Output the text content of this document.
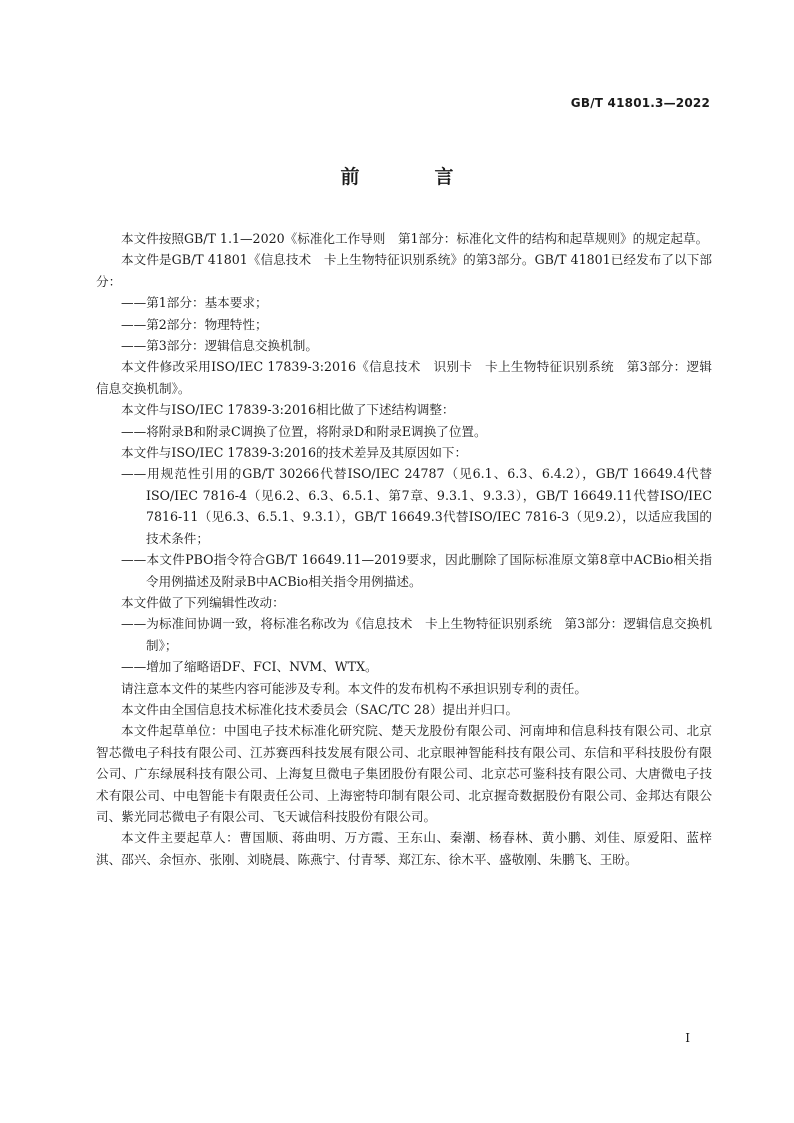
GB/T 41801.3—2022
前　言

本文件按照GB/T 1.1—2020《标准化工作导则　第1部分：标准化文件的结构和起草规则》的规定起草。

本文件是GB/T 41801《信息技术　卡上生物特征识别系统》的第3部分。GB/T 41801已经发布了以下部分：

——第1部分：基本要求；

——第2部分：物理特性；

——第3部分：逻辑信息交换机制。

本文件修改采用ISO/IEC 17839-3:2016《信息技术　识别卡　卡上生物特征识别系统　第3部分：逻辑信息交换机制》。

本文件与ISO/IEC 17839-3:2016相比做了下述结构调整：

——将附录B和附录C调换了位置，将附录D和附录E调换了位置。

本文件与ISO/IEC 17839-3:2016的技术差异及其原因如下：

——用规范性引用的GB/T 30266代替ISO/IEC 24787（见6.1、6.3、6.4.2），GB/T 16649.4代替ISO/IEC 7816-4（见6.2、6.3、6.5.1、第7章、9.3.1、9.3.3），GB/T 16649.11代替ISO/IEC 7816-11（见6.3、6.5.1、9.3.1），GB/T 16649.3代替ISO/IEC 7816-3（见9.2），以适应我国的技术条件；

——本文件PBO指令符合GB/T 16649.11—2019要求，因此删除了国际标准原文第8章中ACBio相关指令用例描述及附录B中ACBio相关指令用例描述。

本文件做了下列编辑性改动：

——为标准间协调一致，将标准名称改为《信息技术　卡上生物特征识别系统　第3部分：逻辑信息交换机制》；

——增加了缩略语DF、FCI、NVM、WTX。

请注意本文件的某些内容可能涉及专利。本文件的发布机构不承担识别专利的责任。

本文件由全国信息技术标准化技术委员会（SAC/TC 28）提出并归口。

本文件起草单位：中国电子技术标准化研究院、楚天龙股份有限公司、河南坤和信息科技有限公司、北京智芯微电子科技有限公司、江苏赛西科技发展有限公司、北京眼神智能科技有限公司、东信和平科技股份有限公司、广东绿展科技有限公司、上海复旦微电子集团股份有限公司、北京芯可鉴科技有限公司、大唐微电子技术有限公司、中电智能卡有限责任公司、上海密特印制有限公司、北京握奇数据股份有限公司、金邦达有限公司、紫光同芯微电子有限公司、飞天诚信科技股份有限公司。

本文件主要起草人：曹国顺、蒋曲明、万方霞、王东山、秦潮、杨春林、黄小鹏、刘佳、原爱阳、蓝梓淇、邵兴、余恒亦、张刚、刘晓晨、陈燕宁、付青琴、郑江东、徐木平、盛敬刚、朱鹏飞、王盼。

I
